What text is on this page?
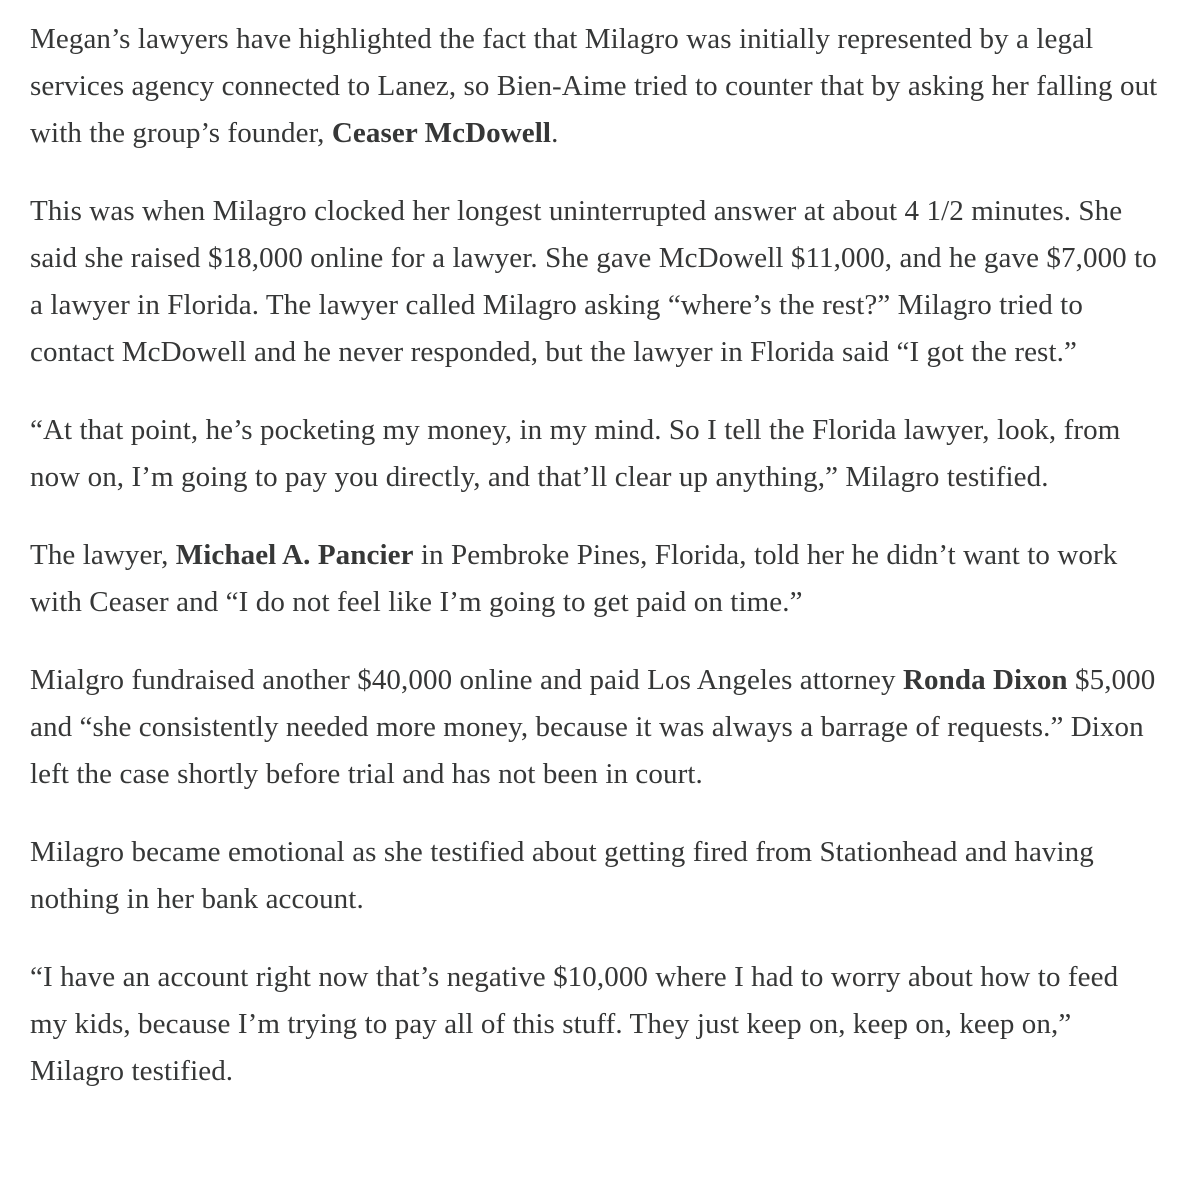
Megan’s lawyers have highlighted the fact that Milagro was initially represented by a legal services agency connected to Lanez, so Bien-Aime tried to counter that by asking her falling out with the group’s founder, Ceaser McDowell.

This was when Milagro clocked her longest uninterrupted answer at about 4 1/2 minutes. She said she raised $18,000 online for a lawyer. She gave McDowell $11,000, and he gave $7,000 to a lawyer in Florida. The lawyer called Milagro asking “where’s the rest?” Milagro tried to contact McDowell and he never responded, but the lawyer in Florida said “I got the rest.”

“At that point, he’s pocketing my money, in my mind. So I tell the Florida lawyer, look, from now on, I’m going to pay you directly, and that’ll clear up anything,” Milagro testified.

The lawyer, Michael A. Pancier in Pembroke Pines, Florida, told her he didn’t want to work with Ceaser and “I do not feel like I’m going to get paid on time.”

Mialgro fundraised another $40,000 online and paid Los Angeles attorney Ronda Dixon $5,000 and “she consistently needed more money, because it was always a barrage of requests.” Dixon left the case shortly before trial and has not been in court.

Milagro became emotional as she testified about getting fired from Stationhead and having nothing in her bank account.

“I have an account right now that’s negative $10,000 where I had to worry about how to feed my kids, because I’m trying to pay all of this stuff. They just keep on, keep on, keep on,” Milagro testified.
